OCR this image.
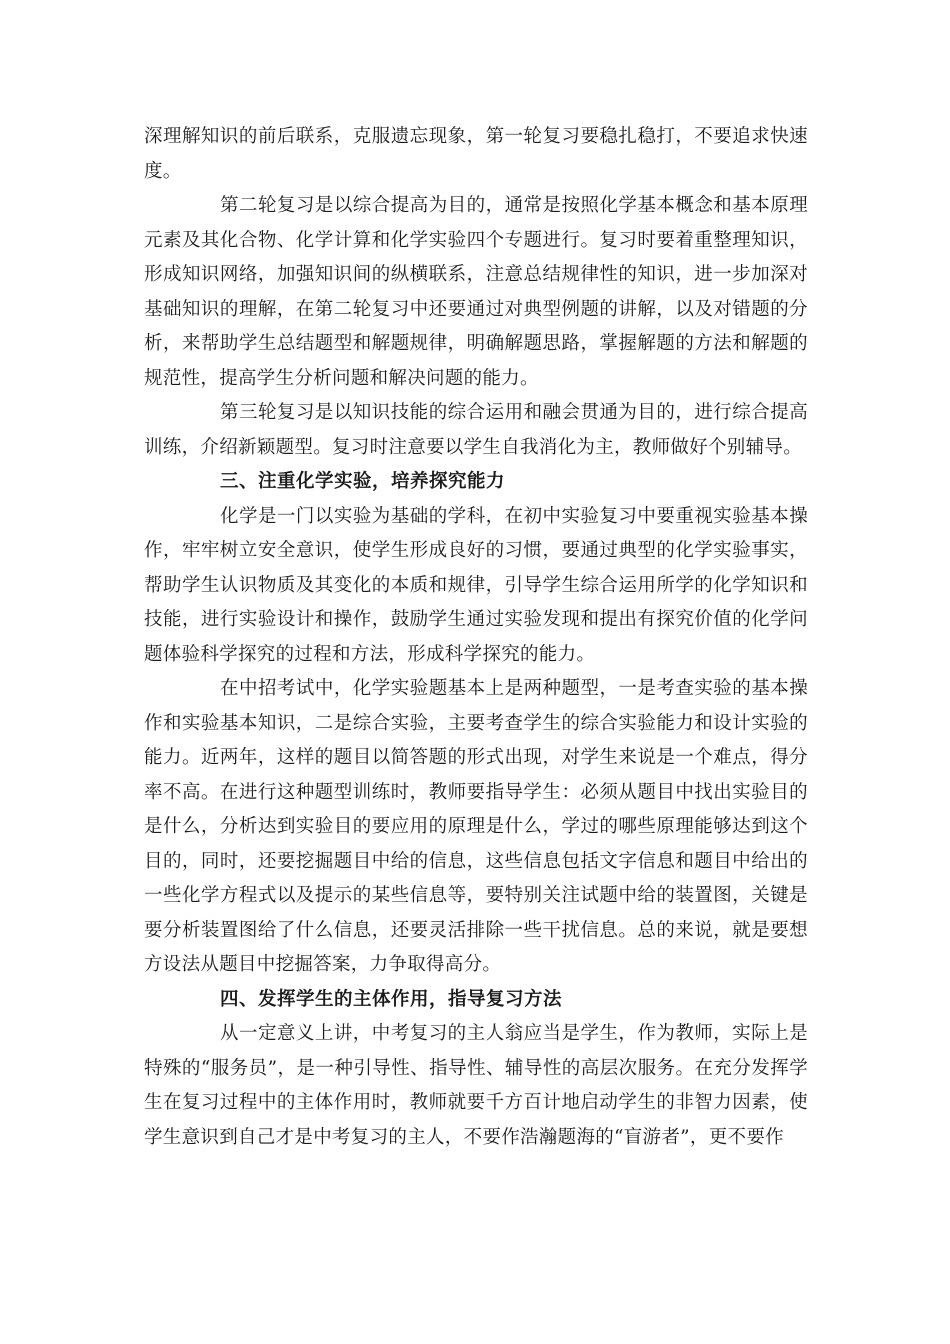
深理解知识的前后联系，克服遗忘现象，第一轮复习要稳扎稳打，不要追求快速度。

第二轮复习是以综合提高为目的，通常是按照化学基本概念和基本原理元素及其化合物、化学计算和化学实验四个专题进行。复习时要着重整理知识，形成知识网络，加强知识间的纵横联系，注意总结规律性的知识，进一步加深对基础知识的理解，在第二轮复习中还要通过对典型例题的讲解，以及对错题的分析，来帮助学生总结题型和解题规律，明确解题思路，掌握解题的方法和解题的规范性，提高学生分析问题和解决问题的能力。

第三轮复习是以知识技能的综合运用和融会贯通为目的，进行综合提高训练，介绍新颖题型。复习时注意要以学生自我消化为主，教师做好个别辅导。

三、注重化学实验，培养探究能力

化学是一门以实验为基础的学科，在初中实验复习中要重视实验基本操作，牢牢树立安全意识，使学生形成良好的习惯，要通过典型的化学实验事实，帮助学生认识物质及其变化的本质和规律，引导学生综合运用所学的化学知识和技能，进行实验设计和操作，鼓励学生通过实验发现和提出有探究价值的化学问题体验科学探究的过程和方法，形成科学探究的能力。

在中招考试中，化学实验题基本上是两种题型，一是考查实验的基本操作和实验基本知识，二是综合实验，主要考查学生的综合实验能力和设计实验的能力。近两年，这样的题目以简答题的形式出现，对学生来说是一个难点，得分率不高。在进行这种题型训练时，教师要指导学生：必须从题目中找出实验目的是什么，分析达到实验目的要应用的原理是什么，学过的哪些原理能够达到这个目的，同时，还要挖掘题目中给的信息，这些信息包括文字信息和题目中给出的一些化学方程式以及提示的某些信息等，要特别关注试题中给的装置图，关键是要分析装置图给了什么信息，还要灵活排除一些干扰信息。总的来说，就是要想方设法从题目中挖掘答案，力争取得高分。

四、发挥学生的主体作用，指导复习方法

从一定意义上讲，中考复习的主人翁应当是学生，作为教师，实际上是特殊的“服务员”，是一种引导性、指导性、辅导性的高层次服务。在充分发挥学生在复习过程中的主体作用时，教师就要千方百计地启动学生的非智力因素，使学生意识到自己才是中考复习的主人，不要作浩瀚题海的“盲游者”，更不要作
